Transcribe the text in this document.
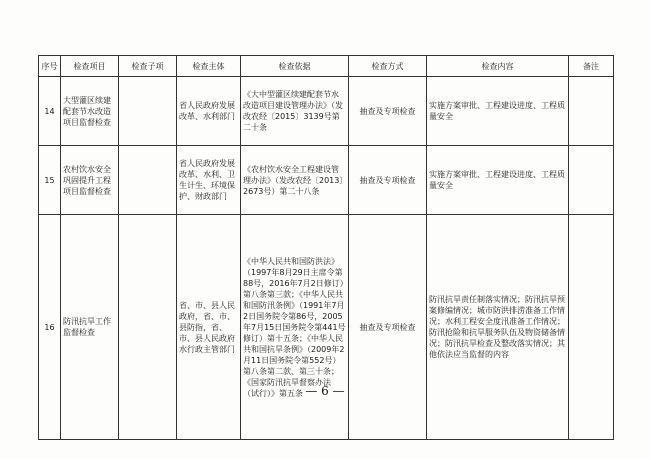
序号	检查项目	检查子项	检查主体	检查依据	检查方式	检查内容	备注
14	大型灌区续建配套节水改造项目监督检查		省人民政府发展改革、水利部门	《大中型灌区续建配套节水改造项目建设管理办法》（发改农经〔2015〕3139号第二十条	抽查及专项检查	实施方案审批、工程建设进度、工程质量安全	
15	农村饮水安全巩固提升工程项目监督检查		省人民政府发展改革、水利、卫生计生、环境保护、财政部门	《农村饮水安全工程建设管理办法》（发改农经〔2013〕2673号）第二十八条	抽查及专项检查	实施方案审批、工程建设进度、工程质量安全	
16	防汛抗旱工作监督检查		省、市、县人民政府，省、市、县防指，省、市、县人民政府水行政主管部门	《中华人民共和国防洪法》（1997年8月29日主席令第88号，2016年7月2日修订）第八条第三款；《中华人民共和国防汛条例》（1991年7月2日国务院令第86号，2005年7月15日国务院令第441号修订）第十五条；《中华人民共和国抗旱条例》（2009年2月11日国务院令第552号）第八条第二款、第三十条；《国家防汛抗旱督察办法（试行）》第五条	抽查及专项检查	防汛抗旱责任制落实情况；防汛抗旱预案修编情况；城市防洪排涝准备工作情况；水利工程安全度汛准备工作情况；防汛抢险和抗旱服务队伍及物资储备情况；防汛抗旱检查及整改落实情况；其他依法应当监督的内容	
— 6 —
